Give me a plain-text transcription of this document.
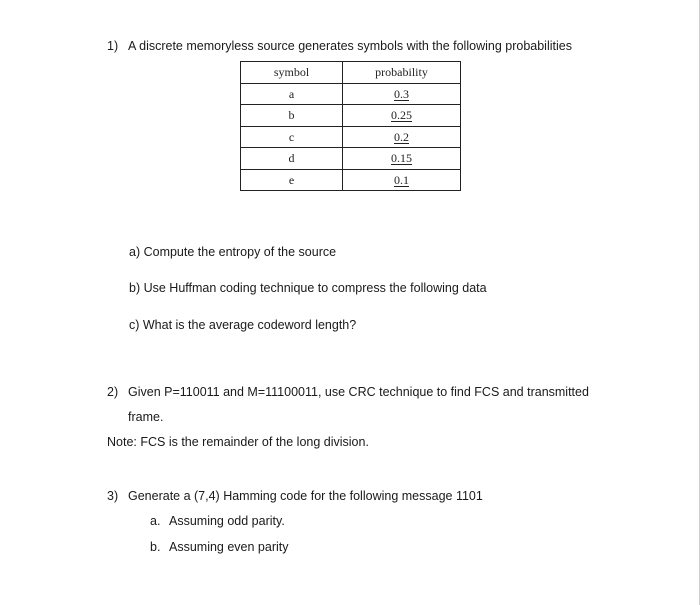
1) A discrete memoryless source generates symbols with the following probabilities
symbol	probability
a	0.3
b	0.25
c	0.2
d	0.15
e	0.1
a) Compute the entropy of the source
b) Use Huffman coding technique to compress the following data
c) What is the average codeword length?
2) Given P=110011 and M=11100011, use CRC technique to find FCS and transmitted
frame.
Note: FCS is the remainder of the long division.
3) Generate a (7,4) Hamming code for the following message 1101
a. Assuming odd parity.
b. Assuming even parity
